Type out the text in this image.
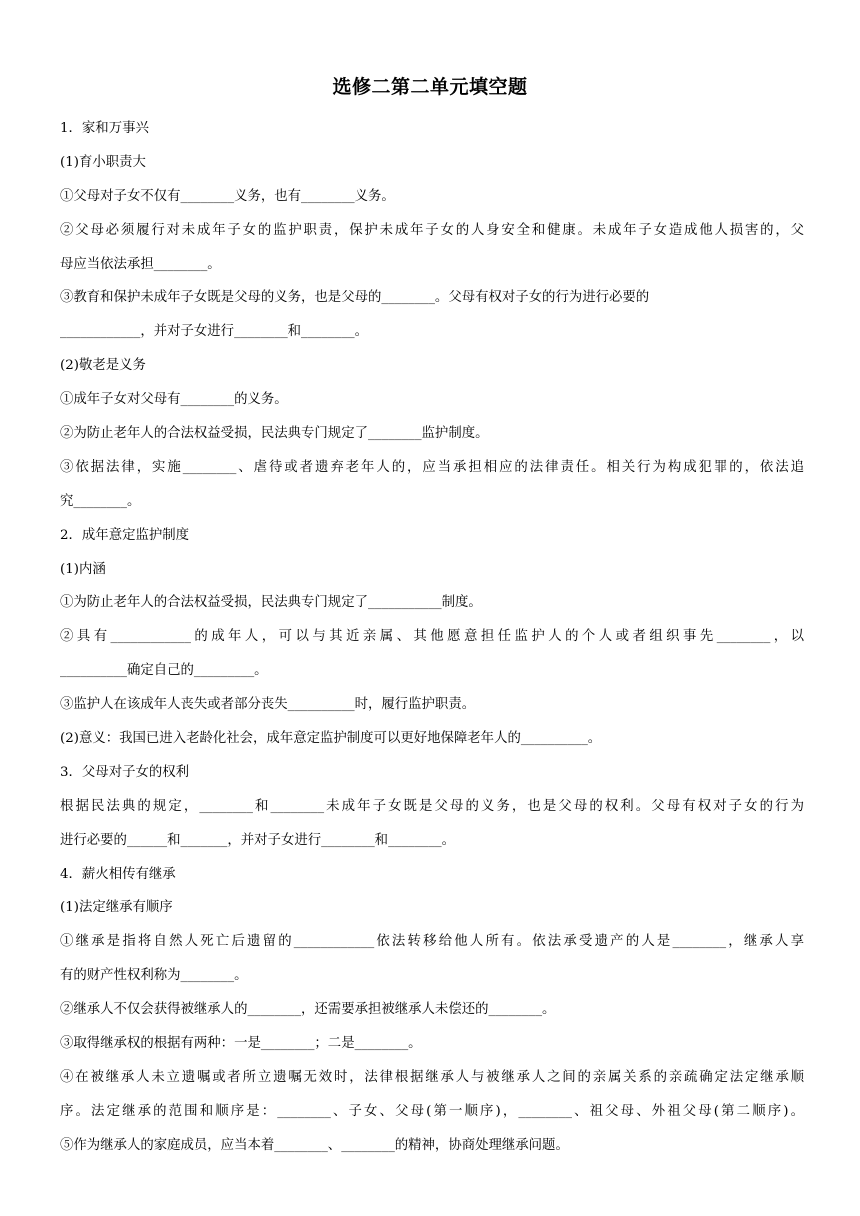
选修二第二单元填空题
1．家和万事兴
(1)育小职责大
①父母对子女不仅有________义务，也有________义务。
②父母必须履行对未成年子女的监护职责，保护未成年子女的人身安全和健康。未成年子女造成他人损害的，父
母应当依法承担________。
③教育和保护未成年子女既是父母的义务，也是父母的________。父母有权对子女的行为进行必要的
____________，并对子女进行________和________。
(2)敬老是义务
①成年子女对父母有________的义务。
②为防止老年人的合法权益受损，民法典专门规定了________监护制度。
③依据法律，实施________、虐待或者遗弃老年人的，应当承担相应的法律责任。相关行为构成犯罪的，依法追
究________。
2．成年意定监护制度
(1)内涵
①为防止老年人的合法权益受损，民法典专门规定了___________制度。
②具有____________的成年人，可以与其近亲属、其他愿意担任监护人的个人或者组织事先________，以
__________确定自己的_________。
③监护人在该成年人丧失或者部分丧失__________时，履行监护职责。
(2)意义：我国已进入老龄化社会，成年意定监护制度可以更好地保障老年人的__________。
3．父母对子女的权利
根据民法典的规定，________和________未成年子女既是父母的义务，也是父母的权利。父母有权对子女的行为
进行必要的______和_______，并对子女进行________和________。
4．薪火相传有继承
(1)法定继承有顺序
①继承是指将自然人死亡后遗留的____________依法转移给他人所有。依法承受遗产的人是________，继承人享
有的财产性权利称为________。
②继承人不仅会获得被继承人的________，还需要承担被继承人未偿还的________。
③取得继承权的根据有两种：一是________；二是________。
④在被继承人未立遗嘱或者所立遗嘱无效时，法律根据继承人与被继承人之间的亲属关系的亲疏确定法定继承顺
序。法定继承的范围和顺序是：________、子女、父母(第一顺序)，________、祖父母、外祖父母(第二顺序)。
⑤作为继承人的家庭成员，应当本着________、________的精神，协商处理继承问题。
